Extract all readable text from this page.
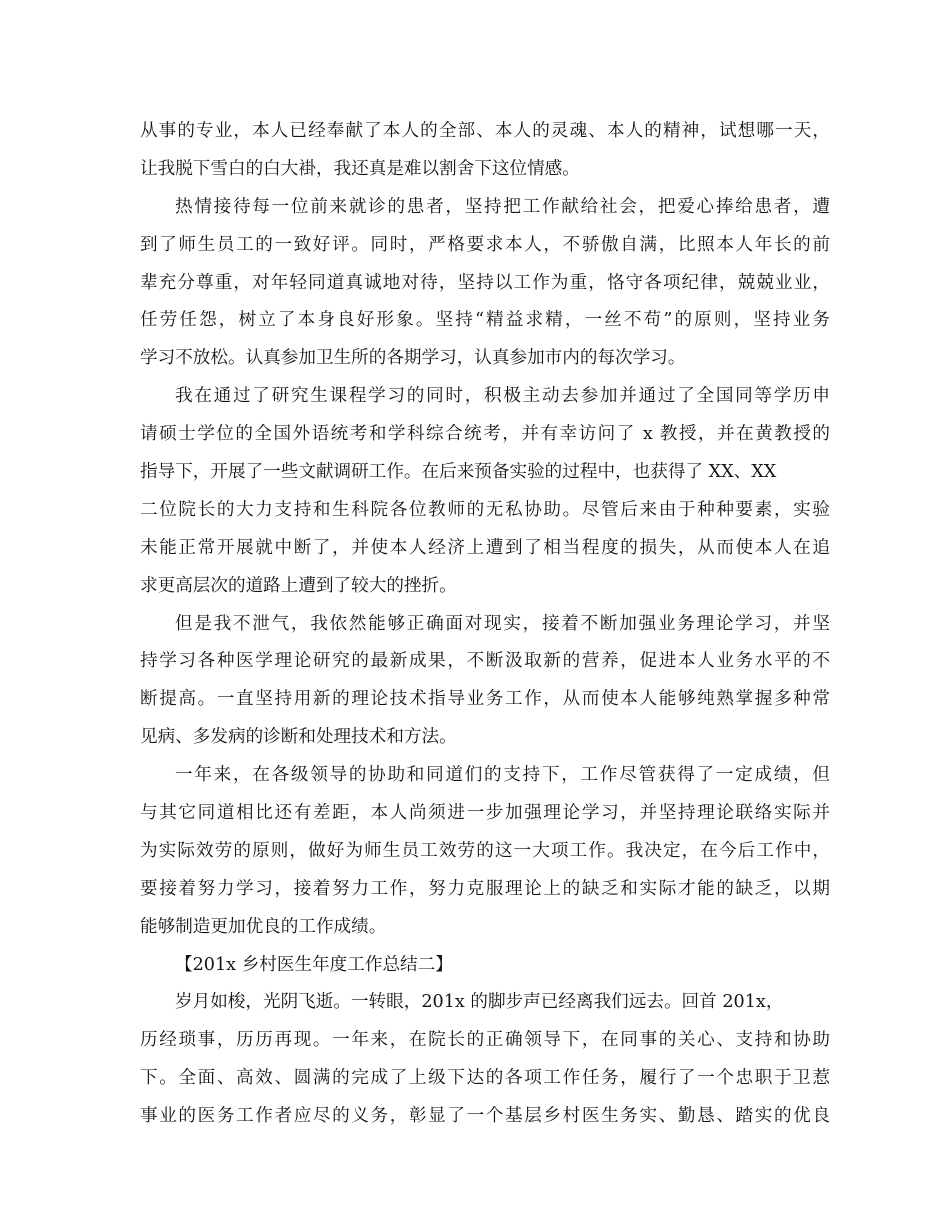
从事的专业，本人已经奉献了本人的全部、本人的灵魂、本人的精神，试想哪一天，
让我脱下雪白的白大褂，我还真是难以割舍下这位情感。
热情接待每一位前来就诊的患者，坚持把工作献给社会，把爱心捧给患者，遭
到了师生员工的一致好评。同时，严格要求本人，不骄傲自满，比照本人年长的前
辈充分尊重，对年轻同道真诚地对待，坚持以工作为重，恪守各项纪律，兢兢业业，
任劳任怨，树立了本身良好形象。坚持“精益求精，一丝不苟”的原则，坚持业务
学习不放松。认真参加卫生所的各期学习，认真参加市内的每次学习。
我在通过了研究生课程学习的同时，积极主动去参加并通过了全国同等学历申
请硕士学位的全国外语统考和学科综合统考，并有幸访问了 x 教授，并在黄教授的
指导下，开展了一些文献调研工作。在后来预备实验的过程中，也获得了 XX、XX
二位院长的大力支持和生科院各位教师的无私协助。尽管后来由于种种要素，实验
未能正常开展就中断了，并使本人经济上遭到了相当程度的损失，从而使本人在追
求更高层次的道路上遭到了较大的挫折。
但是我不泄气，我依然能够正确面对现实，接着不断加强业务理论学习，并坚
持学习各种医学理论研究的最新成果，不断汲取新的营养，促进本人业务水平的不
断提高。一直坚持用新的理论技术指导业务工作，从而使本人能够纯熟掌握多种常
见病、多发病的诊断和处理技术和方法。
一年来，在各级领导的协助和同道们的支持下，工作尽管获得了一定成绩，但
与其它同道相比还有差距，本人尚须进一步加强理论学习，并坚持理论联络实际并
为实际效劳的原则，做好为师生员工效劳的这一大项工作。我决定，在今后工作中，
要接着努力学习，接着努力工作，努力克服理论上的缺乏和实际才能的缺乏，以期
能够制造更加优良的工作成绩。
【201x 乡村医生年度工作总结二】
岁月如梭，光阴飞逝。一转眼，201x 的脚步声已经离我们远去。回首 201x，
历经琐事，历历再现。一年来，在院长的正确领导下，在同事的关心、支持和协助
下。全面、高效、圆满的完成了上级下达的各项工作任务，履行了一个忠职于卫惹
事业的医务工作者应尽的义务，彰显了一个基层乡村医生务实、勤恳、踏实的优良
